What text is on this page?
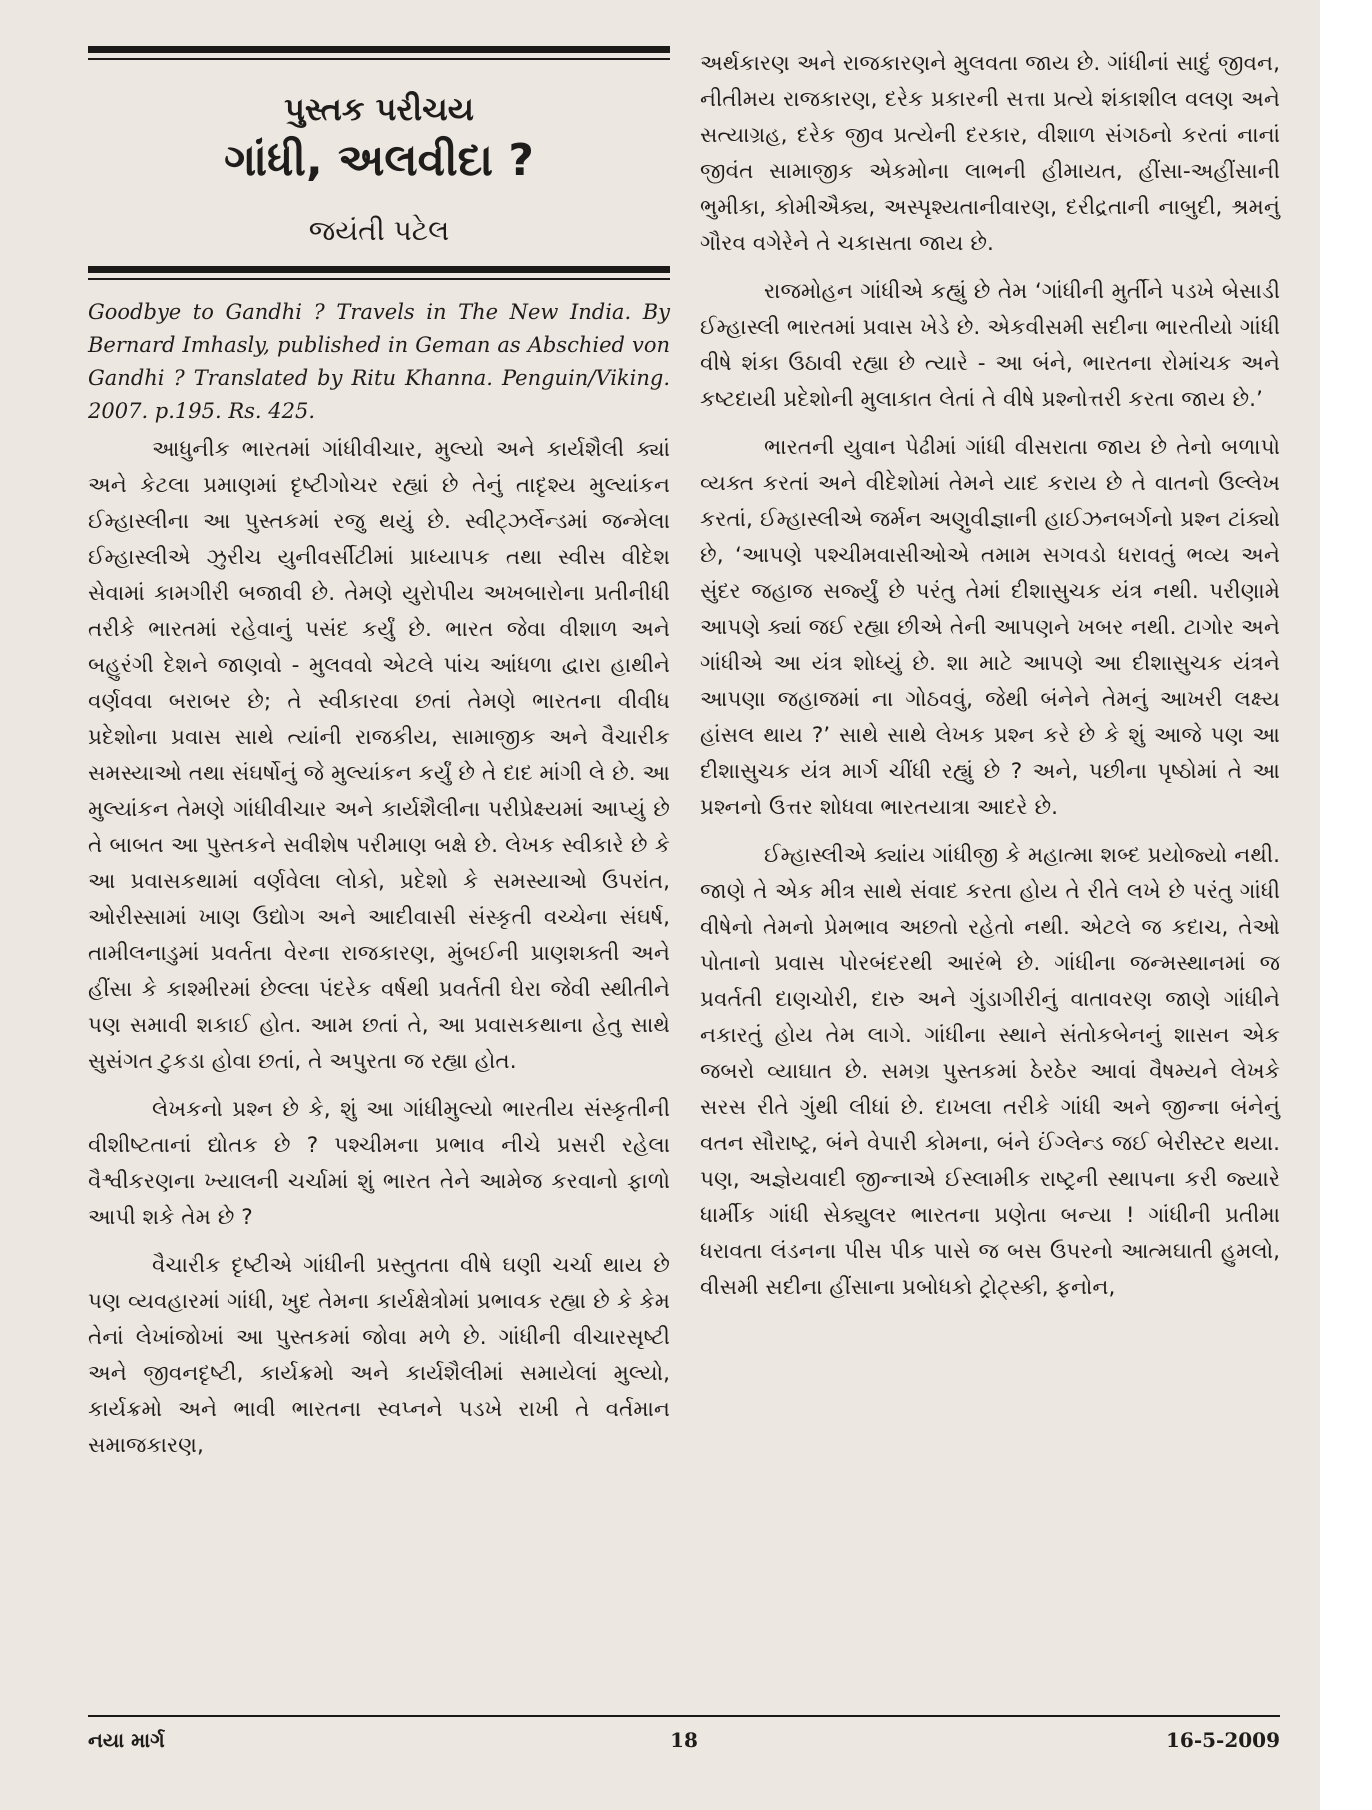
પુસ્તક પરીચય

ગાંધી, અલવીદા ?

જયંતી પટેલ

Goodbye to Gandhi ? Travels in The New India. By Bernard Imhasly, published in Geman as Abschied von Gandhi ? Translated by Ritu Khanna. Penguin/Viking. 2007. p.195. Rs. 425.

આધુનીક ભારતમાં ગાંધીવીચાર, મુલ્યો અને કાર્યશૈલી ક્યાં અને કેટલા પ્રમાણમાં દૃષ્ટીગોચર રહ્યાં છે તેનું તાદૃશ્ય મુલ્યાંકન ઈમ્હાસ્લીના આ પુસ્તકમાં રજુ થયું છે. સ્વીટ્ઝર્લેન્ડમાં જન્મેલા ઈમ્હાસ્લીએ ઝુરીચ યુનીવર્સીટીમાં પ્રાધ્યાપક તથા સ્વીસ વીદેશ સેવામાં કામગીરી બજાવી છે. તેમણે યુરોપીય અખબારોના પ્રતીનીધી તરીકે ભારતમાં રહેવાનું પસંદ કર્યું છે. ભારત જેવા વીશાળ અને બહુરંગી દેશને જાણવો - મુલવવો એટલે પાંચ આંધળા દ્વારા હાથીને વર્ણવવા બરાબર છે; તે સ્વીકારવા છતાં તેમણે ભારતના વીવીધ પ્રદેશોના પ્રવાસ સાથે ત્યાંની રાજકીય, સામાજીક અને વૈચારીક સમસ્યાઓ તથા સંઘર્ષોનું જે મુલ્યાંકન કર્યું છે તે દાદ માંગી લે છે. આ મુલ્યાંકન તેમણે ગાંધીવીચાર અને કાર્યશૈલીના પરીપ્રેક્ષ્યમાં આપ્યું છે તે બાબત આ પુસ્તકને સવીશેષ પરીમાણ બક્ષે છે. લેખક સ્વીકારે છે કે આ પ્રવાસકથામાં વર્ણવેલા લોકો, પ્રદેશો કે સમસ્યાઓ ઉપરાંત, ઓરીસ્સામાં ખાણ ઉદ્યોગ અને આદીવાસી સંસ્કૃતી વચ્ચેના સંઘર્ષ, તામીલનાડુમાં પ્રવર્તતા વેરના રાજકારણ, મુંબઈની પ્રાણશક્તી અને હીંસા કે કાશ્મીરમાં છેલ્લા પંદરેક વર્ષથી પ્રવર્તતી ઘેરા જેવી સ્થીતીને પણ સમાવી શકાઈ હોત. આમ છતાં તે, આ પ્રવાસકથાના હેતુ સાથે સુસંગત ટુકડા હોવા છતાં, તે અપુરતા જ રહ્યા હોત.

લેખકનો પ્રશ્ન છે કે, શું આ ગાંધીમુલ્યો ભારતીય સંસ્કૃતીની વીશીષ્ટતાનાં દ્યોતક છે ? પશ્ચીમના પ્રભાવ નીચે પ્રસરી રહેલા વૈશ્વીકરણના ખ્યાલની ચર્ચામાં શું ભારત તેને આમેજ કરવાનો ફાળો આપી શકે તેમ છે ?

વૈચારીક દૃષ્ટીએ ગાંધીની પ્રસ્તુતતા વીષે ઘણી ચર્ચા થાય છે પણ વ્યવહારમાં ગાંધી, ખુદ તેમના કાર્યક્ષેત્રોમાં પ્રભાવક રહ્યા છે કે કેમ તેનાં લેખાંજોખાં આ પુસ્તકમાં જોવા મળે છે. ગાંધીની વીચારસૃષ્ટી અને જીવનદૃષ્ટી, કાર્યક્રમો અને કાર્યશૈલીમાં સમાયેલાં મુલ્યો, કાર્યક્રમો અને ભાવી ભારતના સ્વપ્નને પડખે રાખી તે વર્તમાન સમાજકારણ,

અર્થકારણ અને રાજકારણને મુલવતા જાય છે. ગાંધીનાં સાદું જીવન, નીતીમય રાજકારણ, દરેક પ્રકારની સત્તા પ્રત્યે શંકાશીલ વલણ અને સત્યાગ્રહ, દરેક જીવ પ્રત્યેની દરકાર, વીશાળ સંગઠનો કરતાં નાનાં જીવંત સામાજીક એકમોના લાભની હીમાયત, હીંસા-અહીંસાની ભુમીકા, કોમીઐક્ય, અસ્પૃશ્યતાનીવારણ, દરીદ્રતાની નાબુદી, શ્રમનું ગૌરવ વગેરેને તે ચકાસતા જાય છે.

રાજમોહન ગાંધીએ કહ્યું છે તેમ ‘ગાંધીની મુર્તીને પડખે બેસાડી ઈમ્હાસ્લી ભારતમાં પ્રવાસ ખેડે છે. એકવીસમી સદીના ભારતીયો ગાંધી વીષે શંકા ઉઠાવી રહ્યા છે ત્યારે - આ બંને, ભારતના રોમાંચક અને કષ્ટદાયી પ્રદેશોની મુલાકાત લેતાં તે વીષે પ્રશ્નોત્તરી કરતા જાય છે.’

ભારતની યુવાન પેઢીમાં ગાંધી વીસરાતા જાય છે તેનો બળાપો વ્યક્ત કરતાં અને વીદેશોમાં તેમને યાદ કરાય છે તે વાતનો ઉલ્લેખ કરતાં, ઈમ્હાસ્લીએ જર્મન અણુવીજ્ઞાની હાઈઝનબર્ગનો પ્રશ્ન ટાંક્યો છે, ‘આપણે પશ્ચીમવાસીઓએ તમામ સગવડો ધરાવતું ભવ્ય અને સુંદર જહાજ સર્જ્યું છે પરંતુ તેમાં દીશાસુચક યંત્ર નથી. પરીણામે આપણે ક્યાં જઈ રહ્યા છીએ તેની આપણને ખબર નથી. ટાગોર અને ગાંધીએ આ યંત્ર શોધ્યું છે. શા માટે આપણે આ દીશાસુચક યંત્રને આપણા જહાજમાં ના ગોઠવવું, જેથી બંનેને તેમનું આખરી લક્ષ્ય હાંસલ થાય ?’ સાથે સાથે લેખક પ્રશ્ન કરે છે કે શું આજે પણ આ દીશાસુચક યંત્ર માર્ગ ચીંધી રહ્યું છે ? અને, પછીના પૃષ્ઠોમાં તે આ પ્રશ્નનો ઉત્તર શોધવા ભારતયાત્રા આદરે છે.

ઈમ્હાસ્લીએ ક્યાંય ગાંધીજી કે મહાત્મા શબ્દ પ્રયોજ્યો નથી. જાણે તે એક મીત્ર સાથે સંવાદ કરતા હોય તે રીતે લખે છે પરંતુ ગાંધી વીષેનો તેમનો પ્રેમભાવ અછતો રહેતો નથી. એટલે જ કદાચ, તેઓ પોતાનો પ્રવાસ પોરબંદરથી આરંભે છે. ગાંધીના જન્મસ્થાનમાં જ પ્રવર્તતી દાણચોરી, દારુ અને ગુંડાગીરીનું વાતાવરણ જાણે ગાંધીને નકારતું હોય તેમ લાગે. ગાંધીના સ્થાને સંતોકબેનનું શાસન એક જબરો વ્યાઘાત છે. સમગ્ર પુસ્તકમાં ઠેરઠેર આવાં વૈષમ્યને લેખકે સરસ રીતે ગુંથી લીધાં છે. દાખલા તરીકે ગાંધી અને જીન્ના બંનેનું વતન સૌરાષ્ટ્ર, બંને વેપારી કોમના, બંને ઈંગ્લેન્ડ જઈ બેરીસ્ટર થયા. પણ, અજ્ઞેયવાદી જીન્નાએ ઈસ્લામીક રાષ્ટ્રની સ્થાપના કરી જ્યારે ધાર્મીક ગાંધી સેક્યુલર ભારતના પ્રણેતા બન્યા ! ગાંધીની પ્રતીમા ધરાવતા લંડનના પીસ પીક પાસે જ બસ ઉપરનો આત્મઘાતી હુમલો, વીસમી સદીના હીંસાના પ્રબોધકો ટ્રોટ્સ્કી, ફનોન,

નયા માર્ગ	18	16-5-2009
